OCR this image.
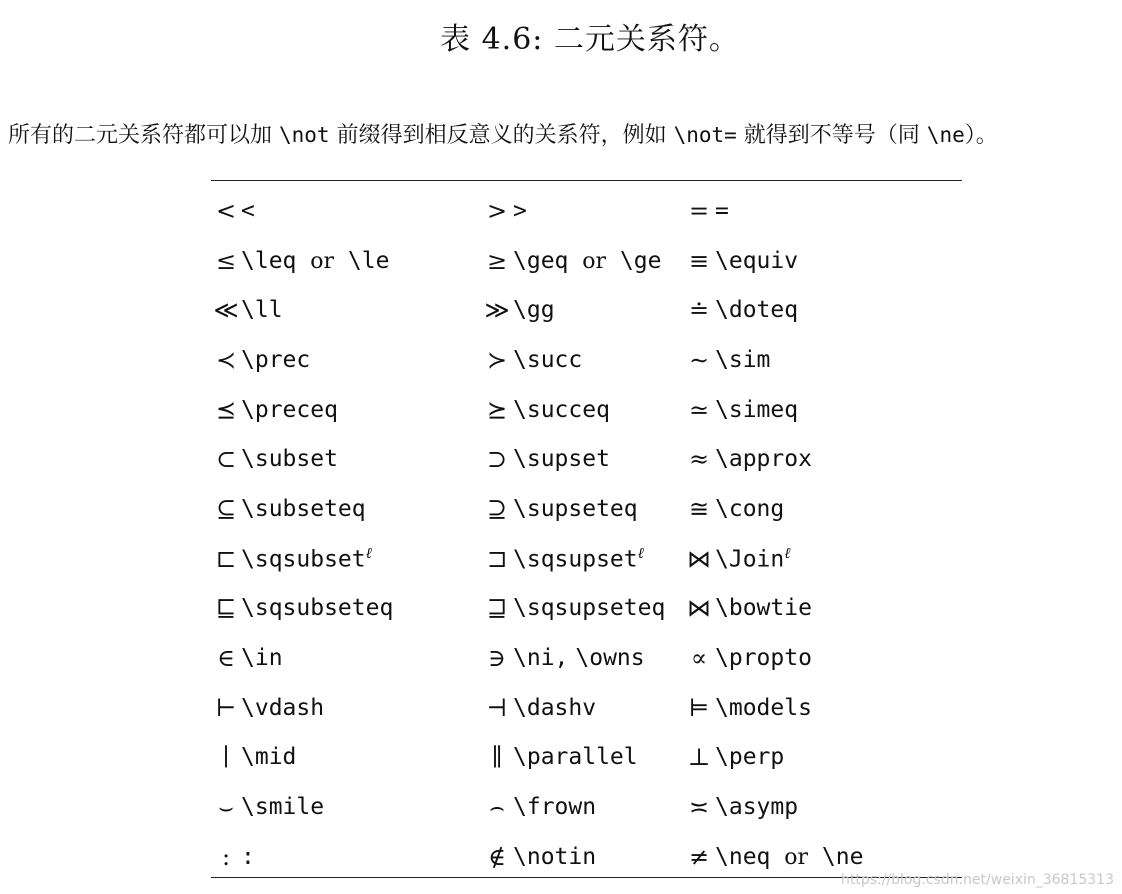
表 4.6: 二元关系符。
所有的二元关系符都可以加 \not 前缀得到相反意义的关系符，例如 \not= 就得到不等号（同 \ne）。
<	<	>	>	=	=
≤	\leq or \le	≥	\geq or \ge	≡	\equiv
≪	\ll	≫	\gg	≐	\doteq
≺	\prec	≻	\succ	∼	\sim
⪯	\preceq	⪰	\succeq	≃	\simeq
⊂	\subset	⊃	\supset	≈	\approx
⊆	\subseteq	⊇	\supseteq	≅	\cong
⊏	\sqsubset$^\ell$	⊐	\sqsupset$^\ell$	⋈	\Join$^\ell$
⊑	\sqsubseteq	⊒	\sqsupseteq	⋈	\bowtie
∈	\in	∋	\ni, \owns	∝	\propto
⊢	\vdash	⊣	\dashv	⊨	\models
∣	\mid	∥	\parallel	⊥	\perp
⌣	\smile	⌢	\frown	≍	\asymp
:	:	∉	\notin	≠	\neq or \ne
https://blog.csdn.net/weixin_36815313
